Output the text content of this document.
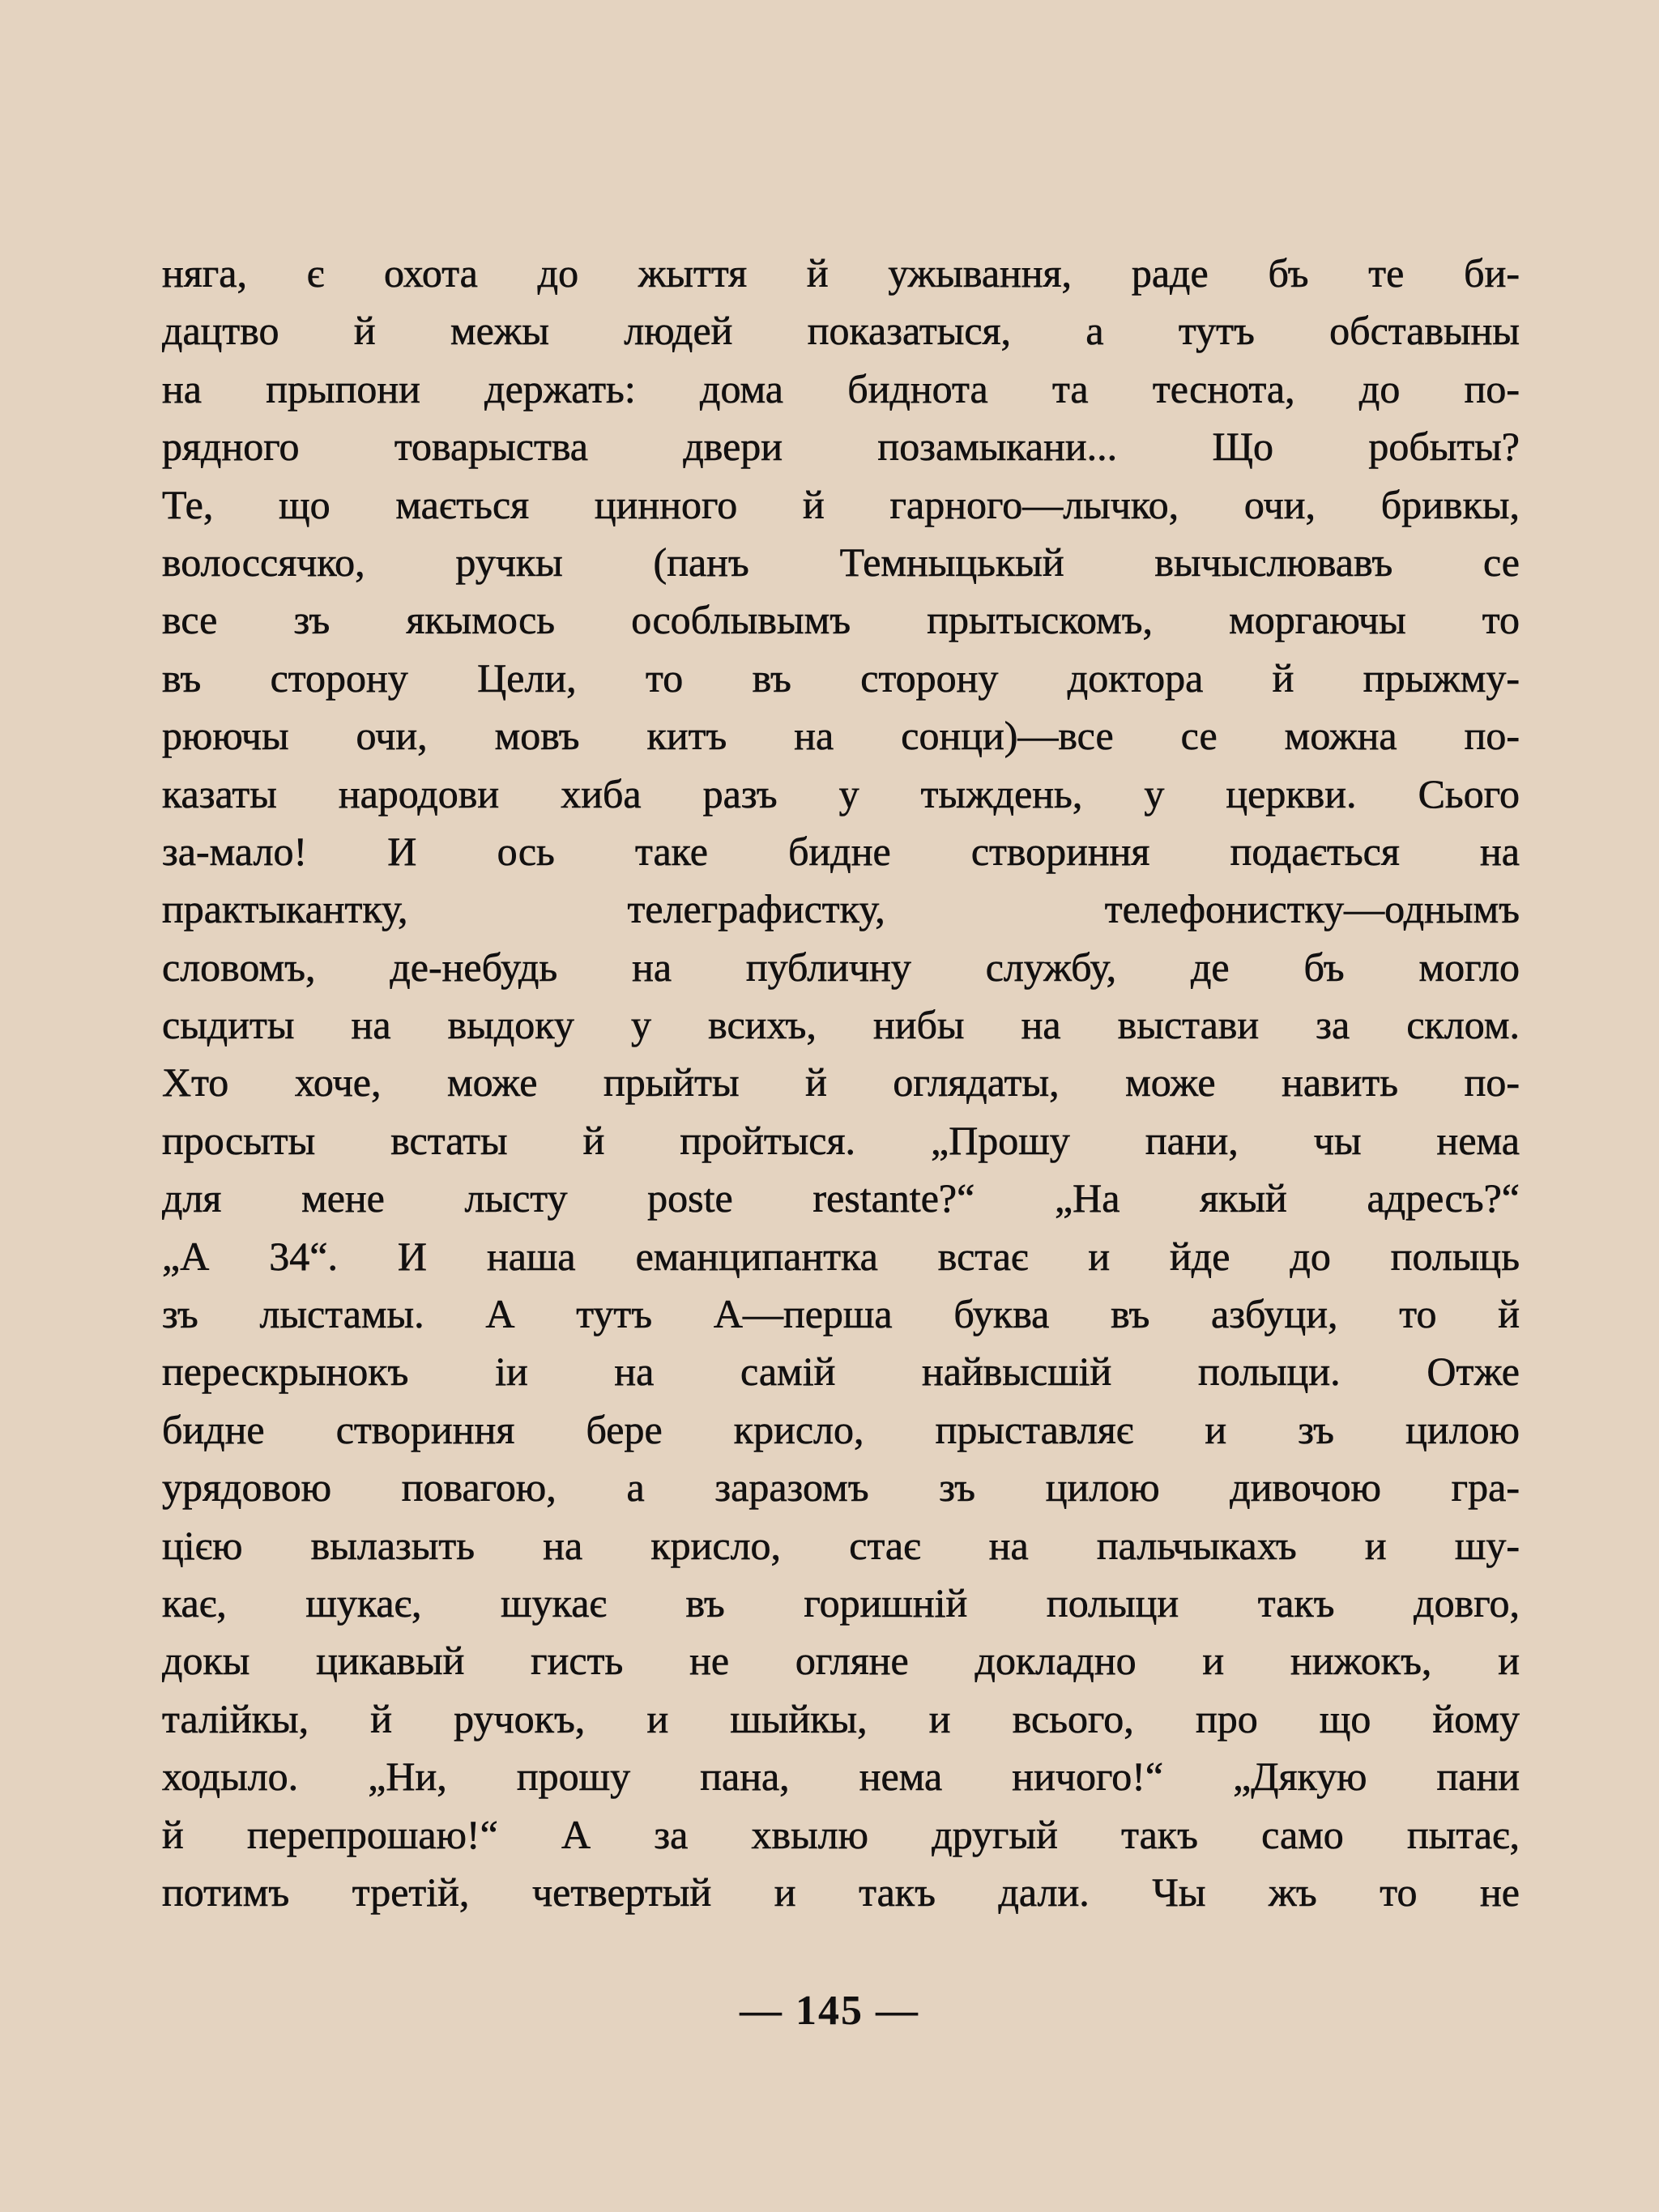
няга, є охота до жыття й ужывання, раде бъ те би-
дацтво й межы людей показатыся, а тутъ обставыны
на прыпони держать: дома биднота та теснота, до по-
рядного товарыства двери позамыкани... Що робыты?
Те, що мається цинного й гарного—лычко, очи, бривкы,
волоссячко, ручкы (панъ Темныцькый вычыслювавъ се
все зъ якымось особлывымъ прытыскомъ, моргаючы то
въ сторону Цели, то въ сторону доктора й прыжму-
рюючы очи, мовъ китъ на сонци)—все се можна по-
казаты народови хиба разъ у тыждень, у церкви. Сього
за-мало! И ось таке бидне створиння подається на
практыкантку, телеграфистку, телефонистку—однымъ
словомъ, де-небудь на публичну службу, де бъ могло
сыдиты на выдоку у всихъ, нибы на выстави за склом.
Хто хоче, може прыйты й оглядаты, може навить по-
просыты встаты й пройтыся. „Прошу пани, чы нема
для мене лысту poste restante?“ „На якый адресъ?“
„А 34“. И наша еманципантка встає и йде до полыць
зъ лыстамы. А тутъ А—перша буква въ азбуци, то й
перескрынокъ іи на самій найвысшій полыци. Отже
бидне створиння бере крисло, прыставляє и зъ цилою
урядовою повагою, а заразомъ зъ цилою дивочою гра-
цією вылазыть на крисло, стає на пальчыкахъ и шу-
кає, шукає, шукає въ горишній полыци такъ довго,
докы цикавый гисть не огляне докладно и нижокъ, и
талійкы, й ручокъ, и шыйкы, и всього, про що йому
ходыло. „Ни, прошу пана, нема ничого!“ „Дякую пани
й перепрошаю!“ А за хвылю другый такъ само пытає,
потимъ третій, четвертый и такъ дали. Чы жъ то не
— 145 —
